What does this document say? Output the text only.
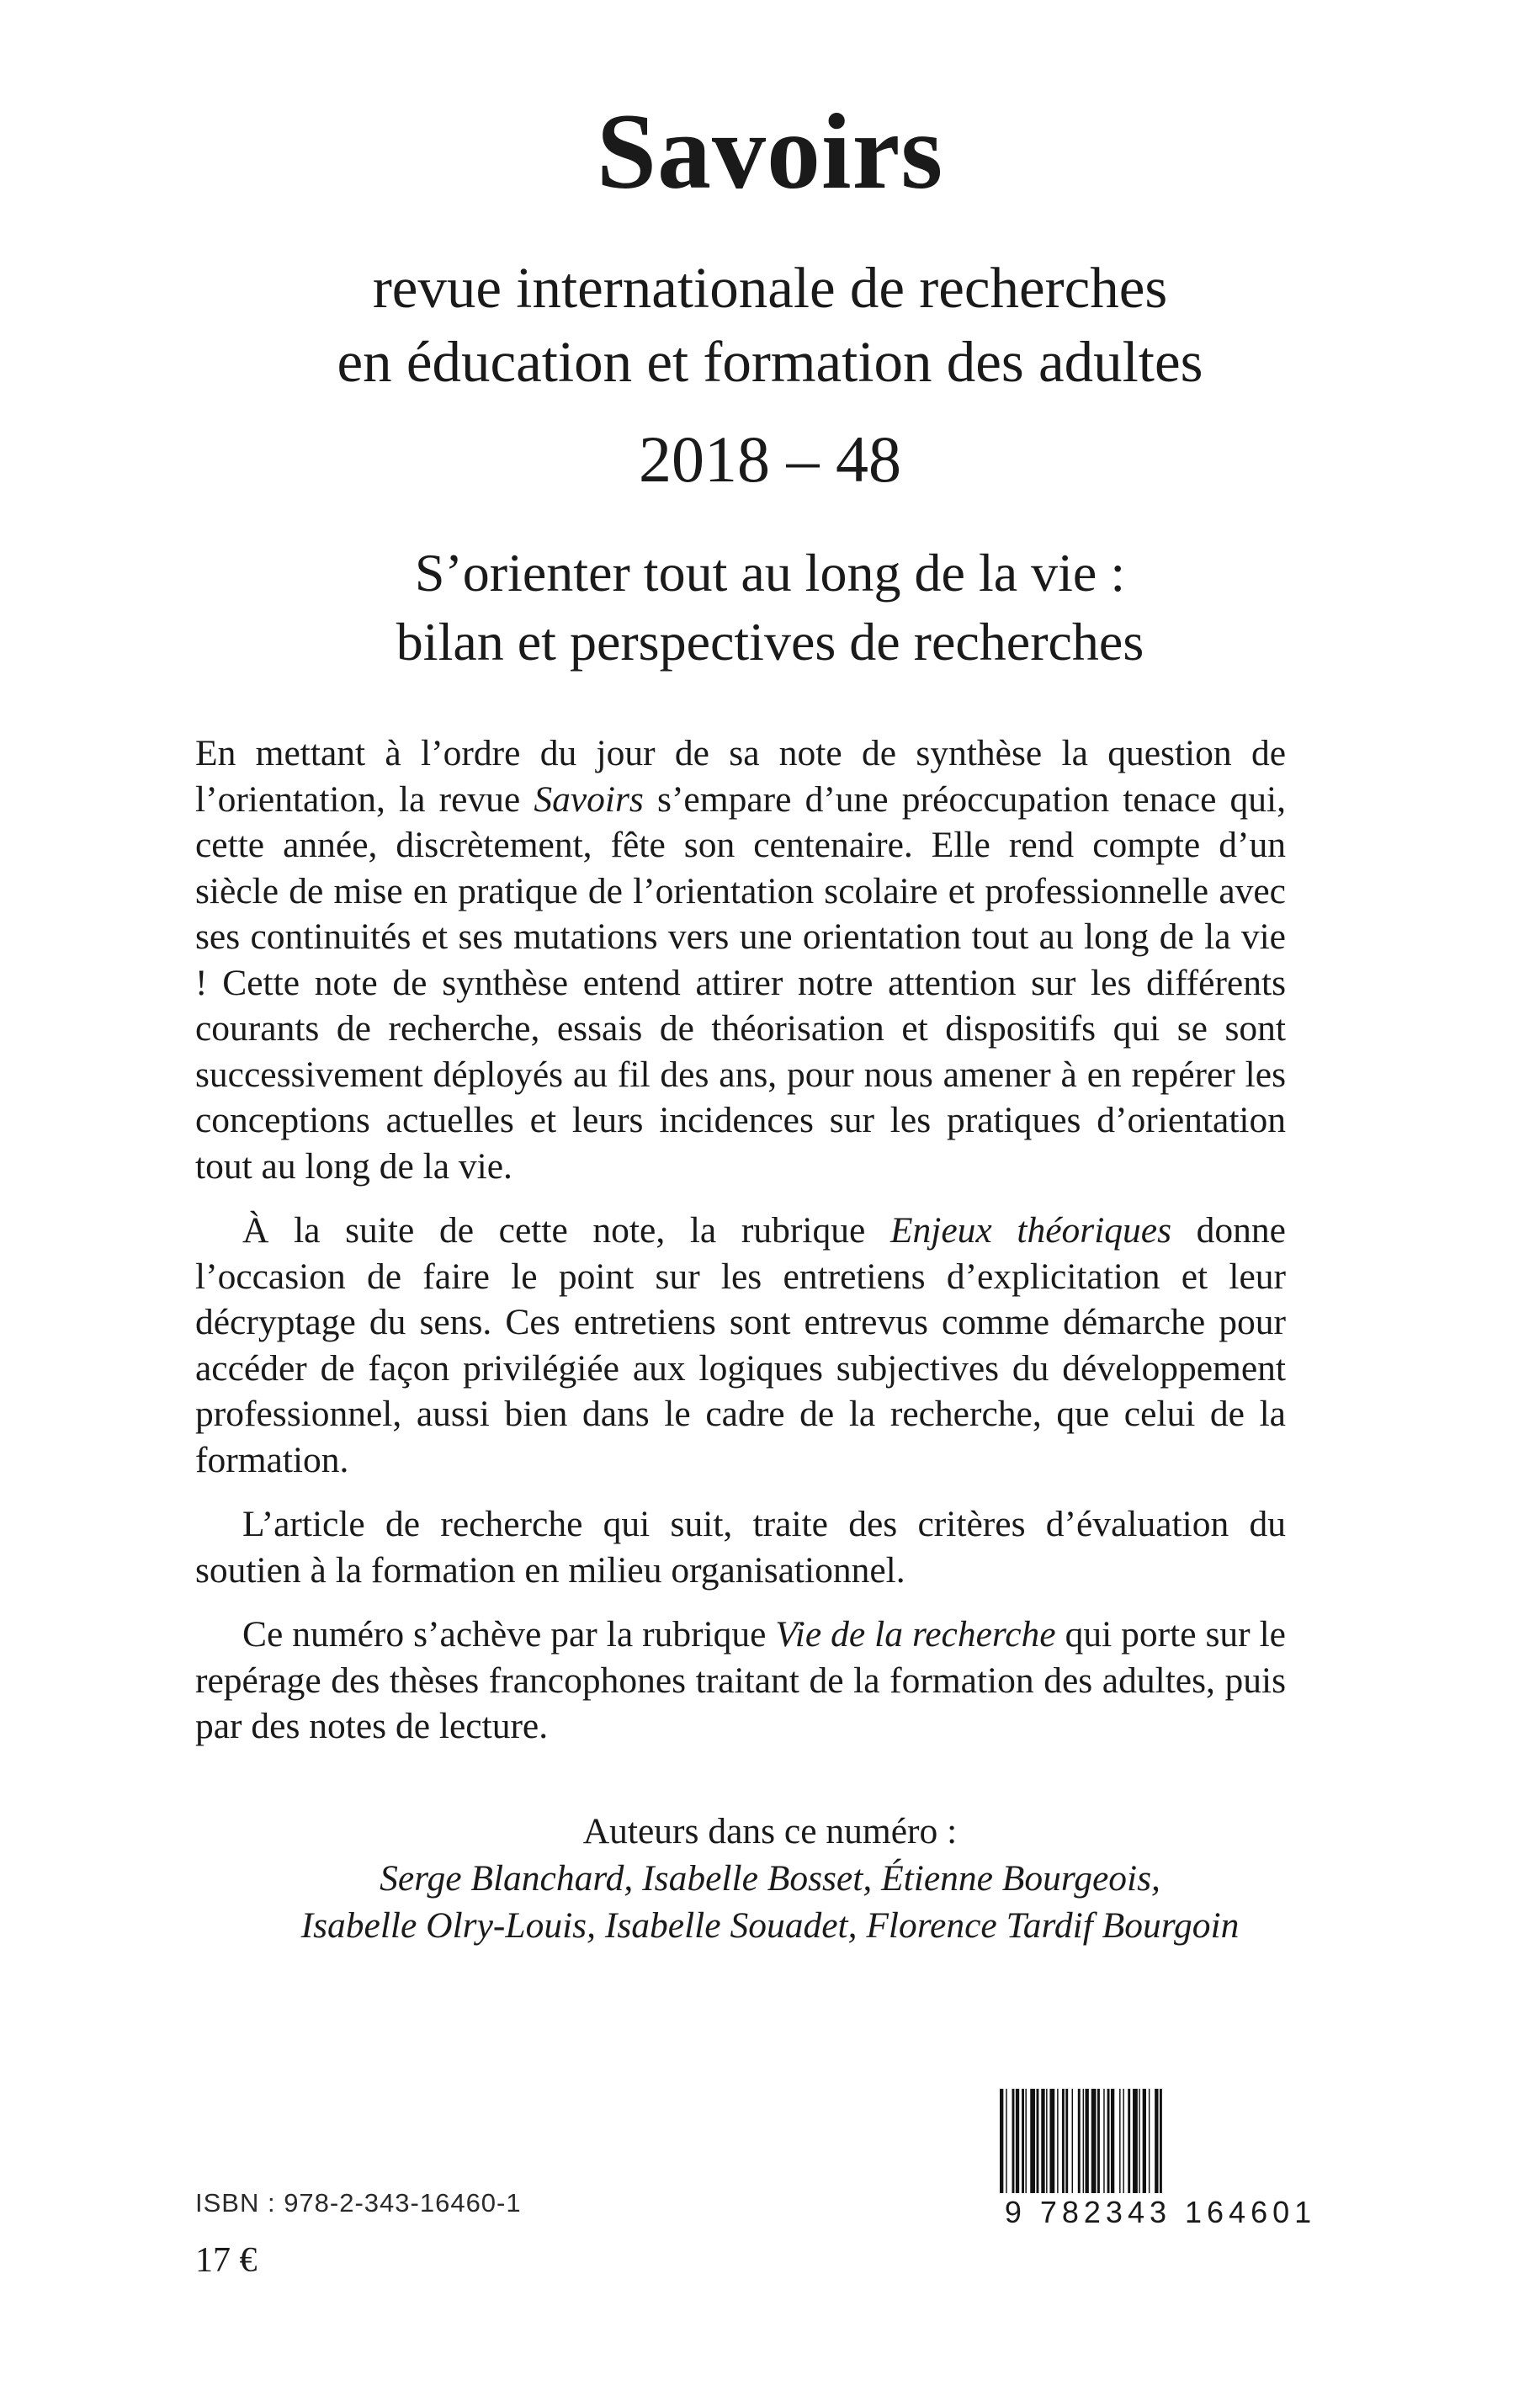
Savoirs
revue internationale de recherches
en éducation et formation des adultes
2018 – 48
S’orienter tout au long de la vie :
bilan et perspectives de recherches

En mettant à l’ordre du jour de sa note de synthèse la question de l’orientation, la revue Savoirs s’empare d’une préoccupation tenace qui, cette année, discrètement, fête son centenaire. Elle rend compte d’un siècle de mise en pratique de l’orientation scolaire et professionnelle avec ses continuités et ses mutations vers une orientation tout au long de la vie ! Cette note de synthèse entend attirer notre attention sur les différents courants de recherche, essais de théorisation et dispositifs qui se sont successivement déployés au fil des ans, pour nous amener à en repérer les conceptions actuelles et leurs incidences sur les pratiques d’orientation tout au long de la vie.

À la suite de cette note, la rubrique Enjeux théoriques donne l’occasion de faire le point sur les entretiens d’explicitation et leur décryptage du sens. Ces entretiens sont entrevus comme démarche pour accéder de façon privilégiée aux logiques subjectives du développement professionnel, aussi bien dans le cadre de la recherche, que celui de la formation.

L’article de recherche qui suit, traite des critères d’évaluation du soutien à la formation en milieu organisationnel.

Ce numéro s’achève par la rubrique Vie de la recherche qui porte sur le repérage des thèses francophones traitant de la formation des adultes, puis par des notes de lecture.

Auteurs dans ce numéro :
Serge Blanchard, Isabelle Bosset, Étienne Bourgeois,
Isabelle Olry-Louis, Isabelle Souadet, Florence Tardif Bourgoin
ISBN : 978-2-343-16460-1
17 €
9 782343 164601
